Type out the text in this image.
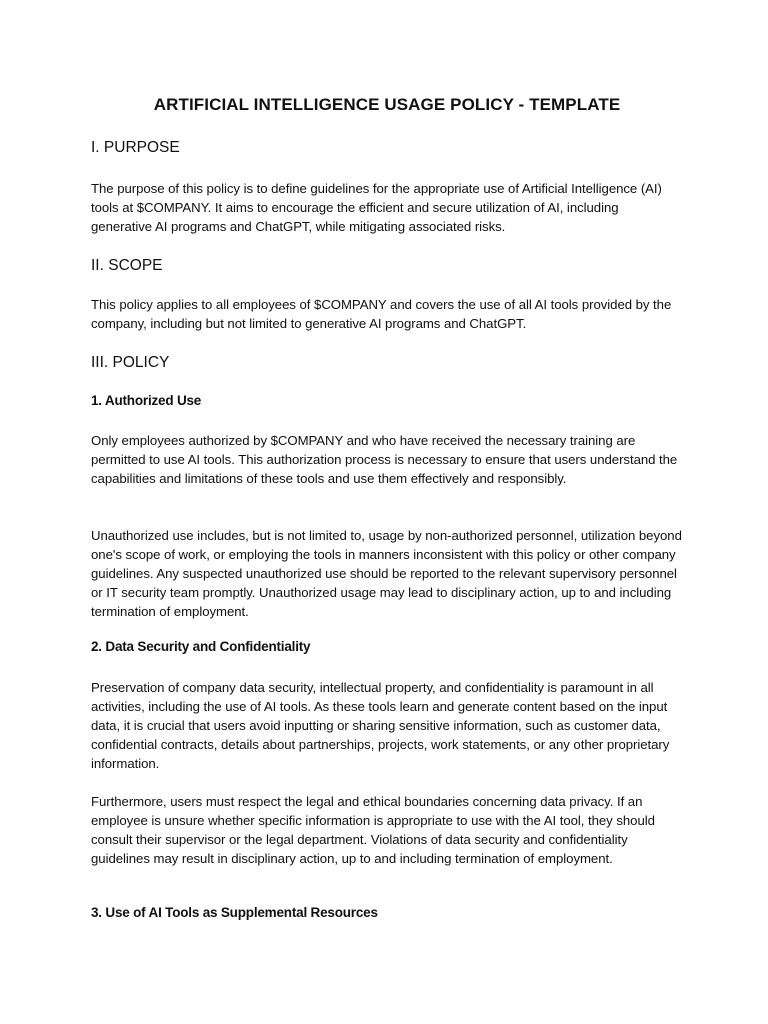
ARTIFICIAL INTELLIGENCE USAGE POLICY - TEMPLATE
I. PURPOSE

The purpose of this policy is to define guidelines for the appropriate use of Artificial Intelligence (AI) tools at $COMPANY. It aims to encourage the efficient and secure utilization of AI, including generative AI programs and ChatGPT, while mitigating associated risks.

II. SCOPE

This policy applies to all employees of $COMPANY and covers the use of all AI tools provided by the company, including but not limited to generative AI programs and ChatGPT.

III. POLICY
1. Authorized Use

Only employees authorized by $COMPANY and who have received the necessary training are permitted to use AI tools. This authorization process is necessary to ensure that users understand the capabilities and limitations of these tools and use them effectively and responsibly.

Unauthorized use includes, but is not limited to, usage by non-authorized personnel, utilization beyond one's scope of work, or employing the tools in manners inconsistent with this policy or other company guidelines. Any suspected unauthorized use should be reported to the relevant supervisory personnel or IT security team promptly. Unauthorized usage may lead to disciplinary action, up to and including termination of employment.

2. Data Security and Confidentiality

Preservation of company data security, intellectual property, and confidentiality is paramount in all activities, including the use of AI tools. As these tools learn and generate content based on the input data, it is crucial that users avoid inputting or sharing sensitive information, such as customer data, confidential contracts, details about partnerships, projects, work statements, or any other proprietary information.

Furthermore, users must respect the legal and ethical boundaries concerning data privacy. If an employee is unsure whether specific information is appropriate to use with the AI tool, they should consult their supervisor or the legal department. Violations of data security and confidentiality guidelines may result in disciplinary action, up to and including termination of employment.

3. Use of AI Tools as Supplemental Resources
